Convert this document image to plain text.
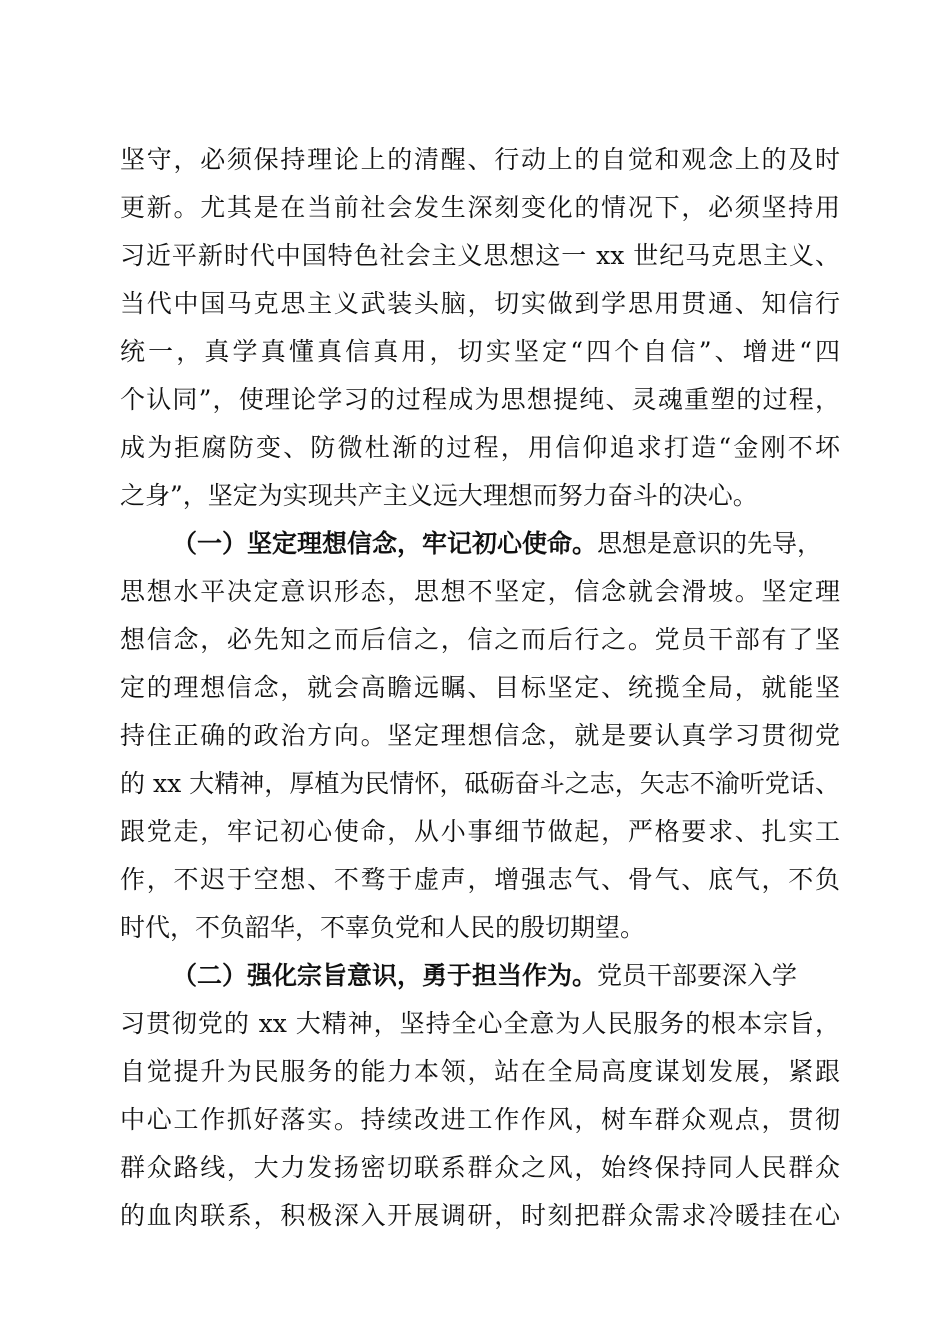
坚守，必须保持理论上的清醒、行动上的自觉和观念上的及时
更新。尤其是在当前社会发生深刻变化的情况下，必须坚持用
习近平新时代中国特色社会主义思想这一 xx 世纪马克思主义、
当代中国马克思主义武装头脑，切实做到学思用贯通、知信行
统一，真学真懂真信真用，切实坚定“四个自信”、增进“四
个认同”，使理论学习的过程成为思想提纯、灵魂重塑的过程，
成为拒腐防变、防微杜渐的过程，用信仰追求打造“金刚不坏
之身”，坚定为实现共产主义远大理想而努力奋斗的决心。
（一）坚定理想信念，牢记初心使命。思想是意识的先导，
思想水平决定意识形态，思想不坚定，信念就会滑坡。坚定理
想信念，必先知之而后信之，信之而后行之。党员干部有了坚
定的理想信念，就会高瞻远瞩、目标坚定、统揽全局，就能坚
持住正确的政治方向。坚定理想信念，就是要认真学习贯彻党
的 xx 大精神，厚植为民情怀，砥砺奋斗之志，矢志不渝听党话、
跟党走，牢记初心使命，从小事细节做起，严格要求、扎实工
作，不迟于空想、不骛于虚声，增强志气、骨气、底气，不负
时代，不负韶华，不辜负党和人民的殷切期望。
（二）强化宗旨意识，勇于担当作为。党员干部要深入学
习贯彻党的 xx 大精神，坚持全心全意为人民服务的根本宗旨，
自觉提升为民服务的能力本领，站在全局高度谋划发展，紧跟
中心工作抓好落实。持续改进工作作风，树车群众观点，贯彻
群众路线，大力发扬密切联系群众之风，始终保持同人民群众
的血肉联系，积极深入开展调研，时刻把群众需求冷暖挂在心
